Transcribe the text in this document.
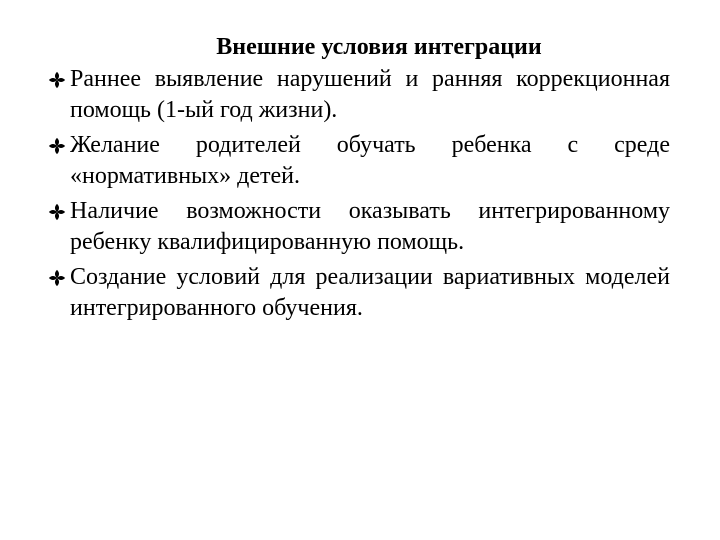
Внешние условия интеграции
Раннее выявление нарушений и ранняя коррекционная помощь (1-ый год жизни).
Желание родителей обучать ребенка с среде «нормативных» детей.
Наличие возможности оказывать интегрированному ребенку квалифицированную помощь.
Создание условий для реализации вариативных моделей интегрированного обучения.
